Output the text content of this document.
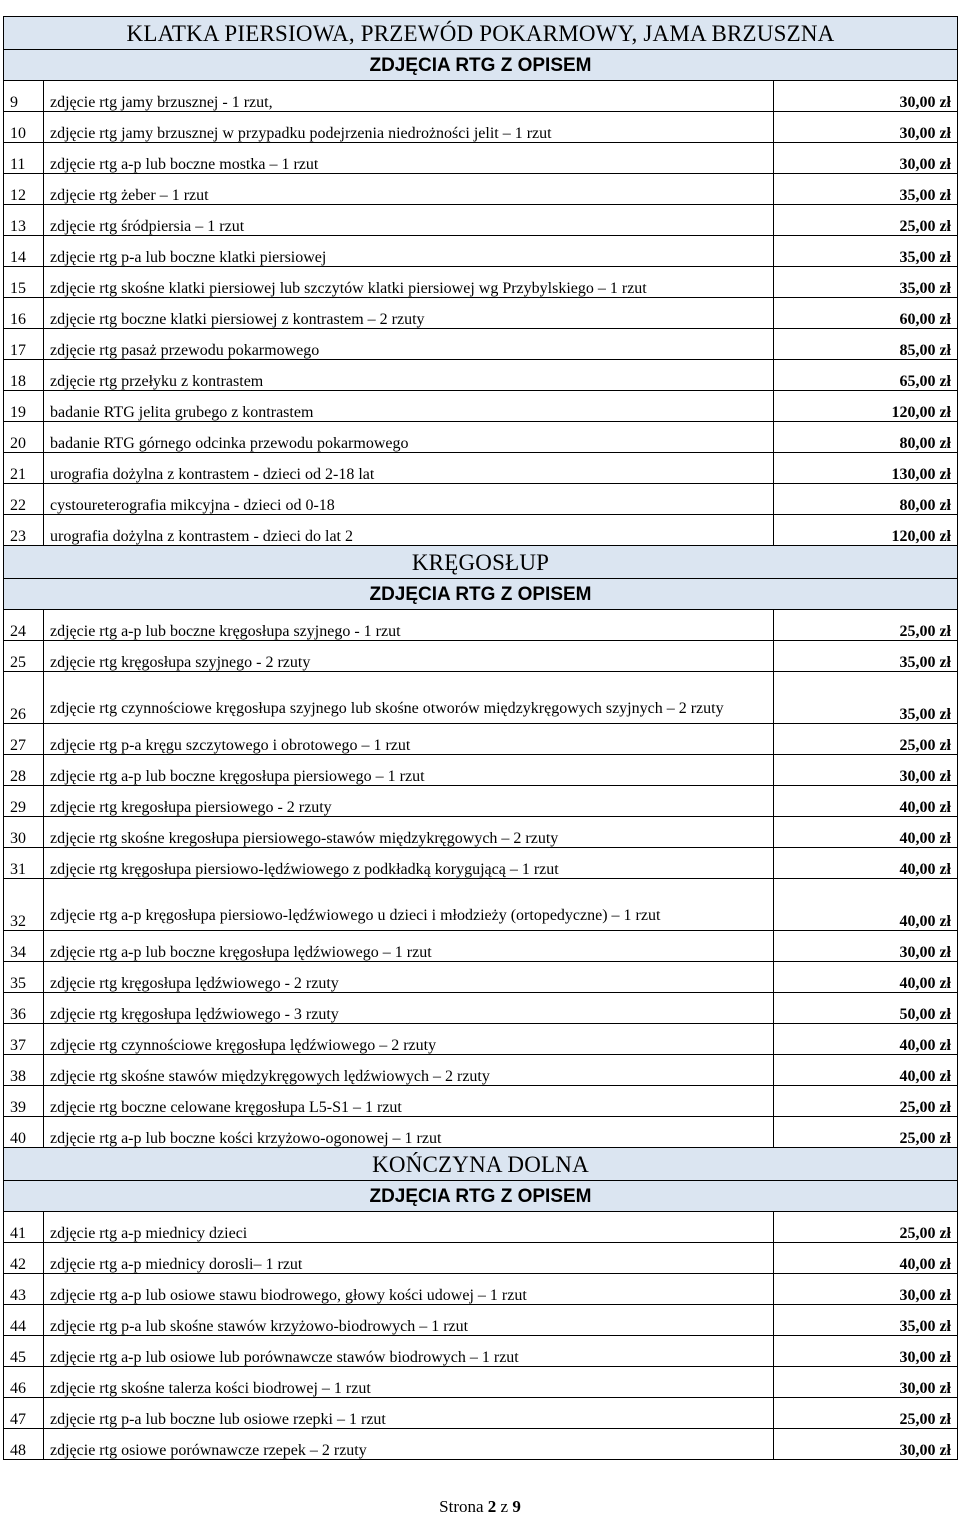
KLATKA PIERSIOWA, PRZEWÓD POKARMOWY, JAMA BRZUSZNA		
ZDJĘCIA RTG Z OPISEM		
9	zdjęcie rtg jamy brzusznej - 1 rzut,	30,00 zł
10	zdjęcie rtg jamy brzusznej w przypadku podejrzenia niedrożności jelit – 1 rzut	30,00 zł
11	zdjęcie rtg a-p lub boczne mostka – 1 rzut	30,00 zł
12	zdjęcie rtg żeber – 1 rzut	35,00 zł
13	zdjęcie rtg śródpiersia – 1 rzut	25,00 zł
14	zdjęcie rtg p-a lub boczne klatki piersiowej	35,00 zł
15	zdjęcie rtg skośne klatki piersiowej lub szczytów klatki piersiowej wg Przybylskiego – 1 rzut	35,00 zł
16	zdjęcie rtg boczne klatki piersiowej z kontrastem – 2 rzuty	60,00 zł
17	zdjęcie rtg pasaż przewodu pokarmowego	85,00 zł
18	zdjęcie rtg przełyku z kontrastem	65,00 zł
19	badanie RTG jelita grubego z kontrastem	120,00 zł
20	badanie RTG górnego odcinka przewodu pokarmowego	80,00 zł
21	urografia dożylna z kontrastem - dzieci od 2-18 lat	130,00 zł
22	cystoureterografia mikcyjna - dzieci od 0-18	80,00 zł
23	urografia dożylna z kontrastem - dzieci do lat 2	120,00 zł
KRĘGOSŁUP		
ZDJĘCIA RTG Z OPISEM		
24	zdjęcie rtg a-p lub boczne kręgosłupa szyjnego - 1 rzut	25,00 zł
25	zdjęcie rtg kręgosłupa szyjnego - 2 rzuty	35,00 zł
26	zdjęcie rtg czynnościowe kręgosłupa szyjnego lub skośne otworów międzykręgowych szyjnych – 2 rzuty	35,00 zł
27	zdjęcie rtg p-a kręgu szczytowego i obrotowego – 1 rzut	25,00 zł
28	zdjęcie rtg a-p lub boczne kręgosłupa piersiowego – 1 rzut	30,00 zł
29	zdjęcie rtg kregosłupa piersiowego - 2 rzuty	40,00 zł
30	zdjęcie rtg skośne kregosłupa piersiowego-stawów międzykręgowych – 2 rzuty	40,00 zł
31	zdjęcie rtg kręgosłupa piersiowo-lędźwiowego z podkładką korygującą – 1 rzut	40,00 zł
32	zdjęcie rtg a-p kręgosłupa piersiowo-lędźwiowego u dzieci i młodzieży (ortopedyczne) – 1 rzut	40,00 zł
34	zdjęcie rtg a-p lub boczne kręgosłupa lędźwiowego – 1 rzut	30,00 zł
35	zdjęcie rtg kręgosłupa lędźwiowego - 2 rzuty	40,00 zł
36	zdjęcie rtg kręgosłupa lędźwiowego - 3 rzuty	50,00 zł
37	zdjęcie rtg czynnościowe kręgosłupa lędźwiowego – 2 rzuty	40,00 zł
38	zdjęcie rtg skośne stawów międzykręgowych lędźwiowych – 2 rzuty	40,00 zł
39	zdjęcie rtg boczne celowane kręgosłupa L5-S1 – 1 rzut	25,00 zł
40	zdjęcie rtg a-p lub boczne kości krzyżowo-ogonowej – 1 rzut	25,00 zł
KOŃCZYNA DOLNA		
ZDJĘCIA RTG Z OPISEM		
41	zdjęcie rtg a-p miednicy dzieci	25,00 zł
42	zdjęcie rtg a-p miednicy dorosli– 1 rzut	40,00 zł
43	zdjęcie rtg a-p lub osiowe stawu biodrowego, głowy kości udowej – 1 rzut	30,00 zł
44	zdjęcie rtg p-a lub skośne stawów krzyżowo-biodrowych – 1 rzut	35,00 zł
45	zdjęcie rtg a-p lub osiowe lub porównawcze stawów biodrowych – 1 rzut	30,00 zł
46	zdjęcie rtg skośne talerza kości biodrowej – 1 rzut	30,00 zł
47	zdjęcie rtg p-a lub boczne lub osiowe rzepki – 1 rzut	25,00 zł
48	zdjęcie rtg osiowe porównawcze rzepek – 2 rzuty	30,00 zł
Strona 2 z 9
